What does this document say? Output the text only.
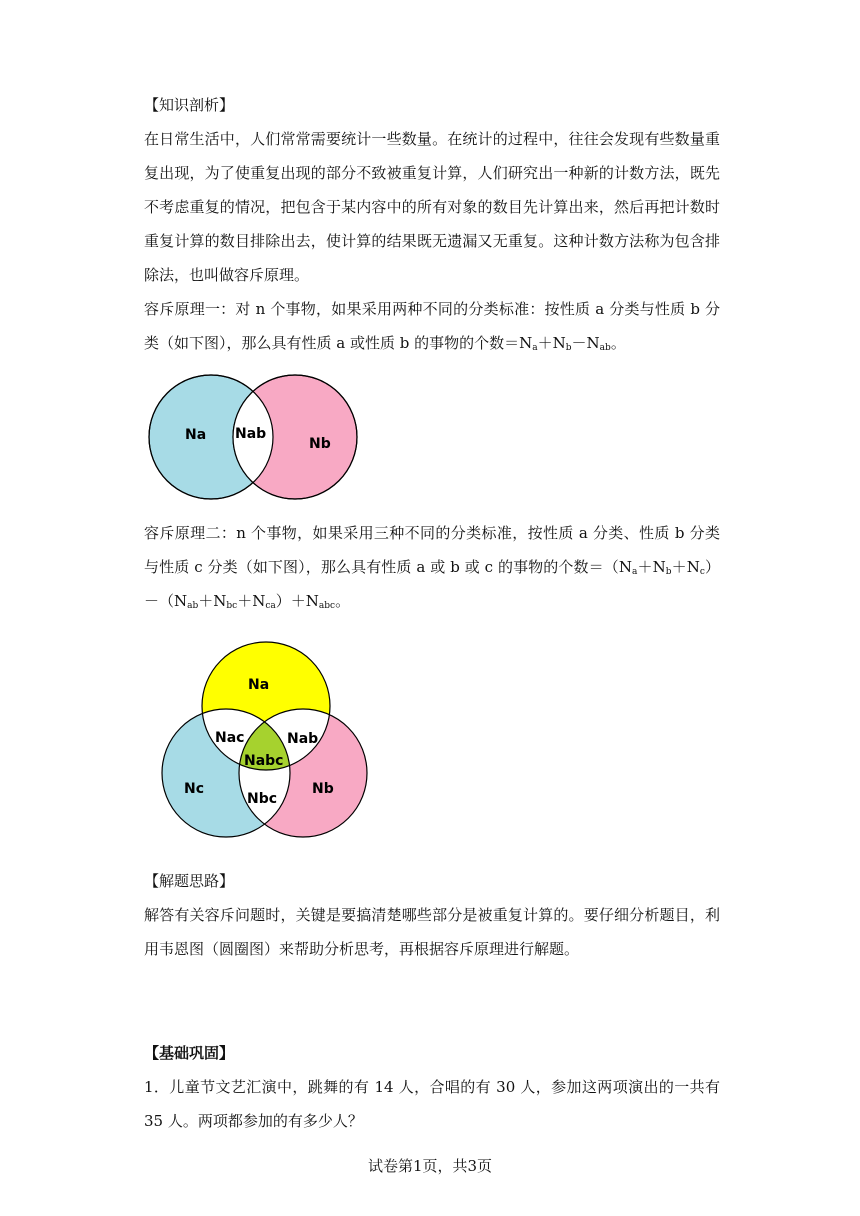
【知识剖析】

在日常生活中，人们常常需要统计一些数量。在统计的过程中，往往会发现有些数量重复出现，为了使重复出现的部分不致被重复计算，人们研究出一种新的计数方法，既先不考虑重复的情况，把包含于某内容中的所有对象的数目先计算出来，然后再把计数时重复计算的数目排除出去，使计算的结果既无遗漏又无重复。这种计数方法称为包含排除法，也叫做容斥原理。

容斥原理一：对 n 个事物，如果采用两种不同的分类标准：按性质 a 分类与性质 b 分类（如下图），那么具有性质 a 或性质 b 的事物的个数$=N_a+N_b-N_{ab}$。

Na Nab
Nb

容斥原理二：n 个事物，如果采用三种不同的分类标准，按性质 a 分类、性质 b 分类与性质 c 分类（如下图），那么具有性质 a 或 b 或 c 的事物的个数$=(N_a+N_b+N_c)-(N_{ab}+N_{bc}+N_{ca})+N_{abc}$。

Na
Nac	Nab
Nabc
Nc
Nbc
Nb

【解题思路】

解答有关容斥问题时，关键是要搞清楚哪些部分是被重复计算的。要仔细分析题目，利用韦恩图（圆圈图）来帮助分析思考，再根据容斥原理进行解题。

【基础巩固】

1．儿童节文艺汇演中，跳舞的有 14 人，合唱的有 30 人，参加这两项演出的一共有 35 人。两项都参加的有多少人？

试卷第1页，共3页
